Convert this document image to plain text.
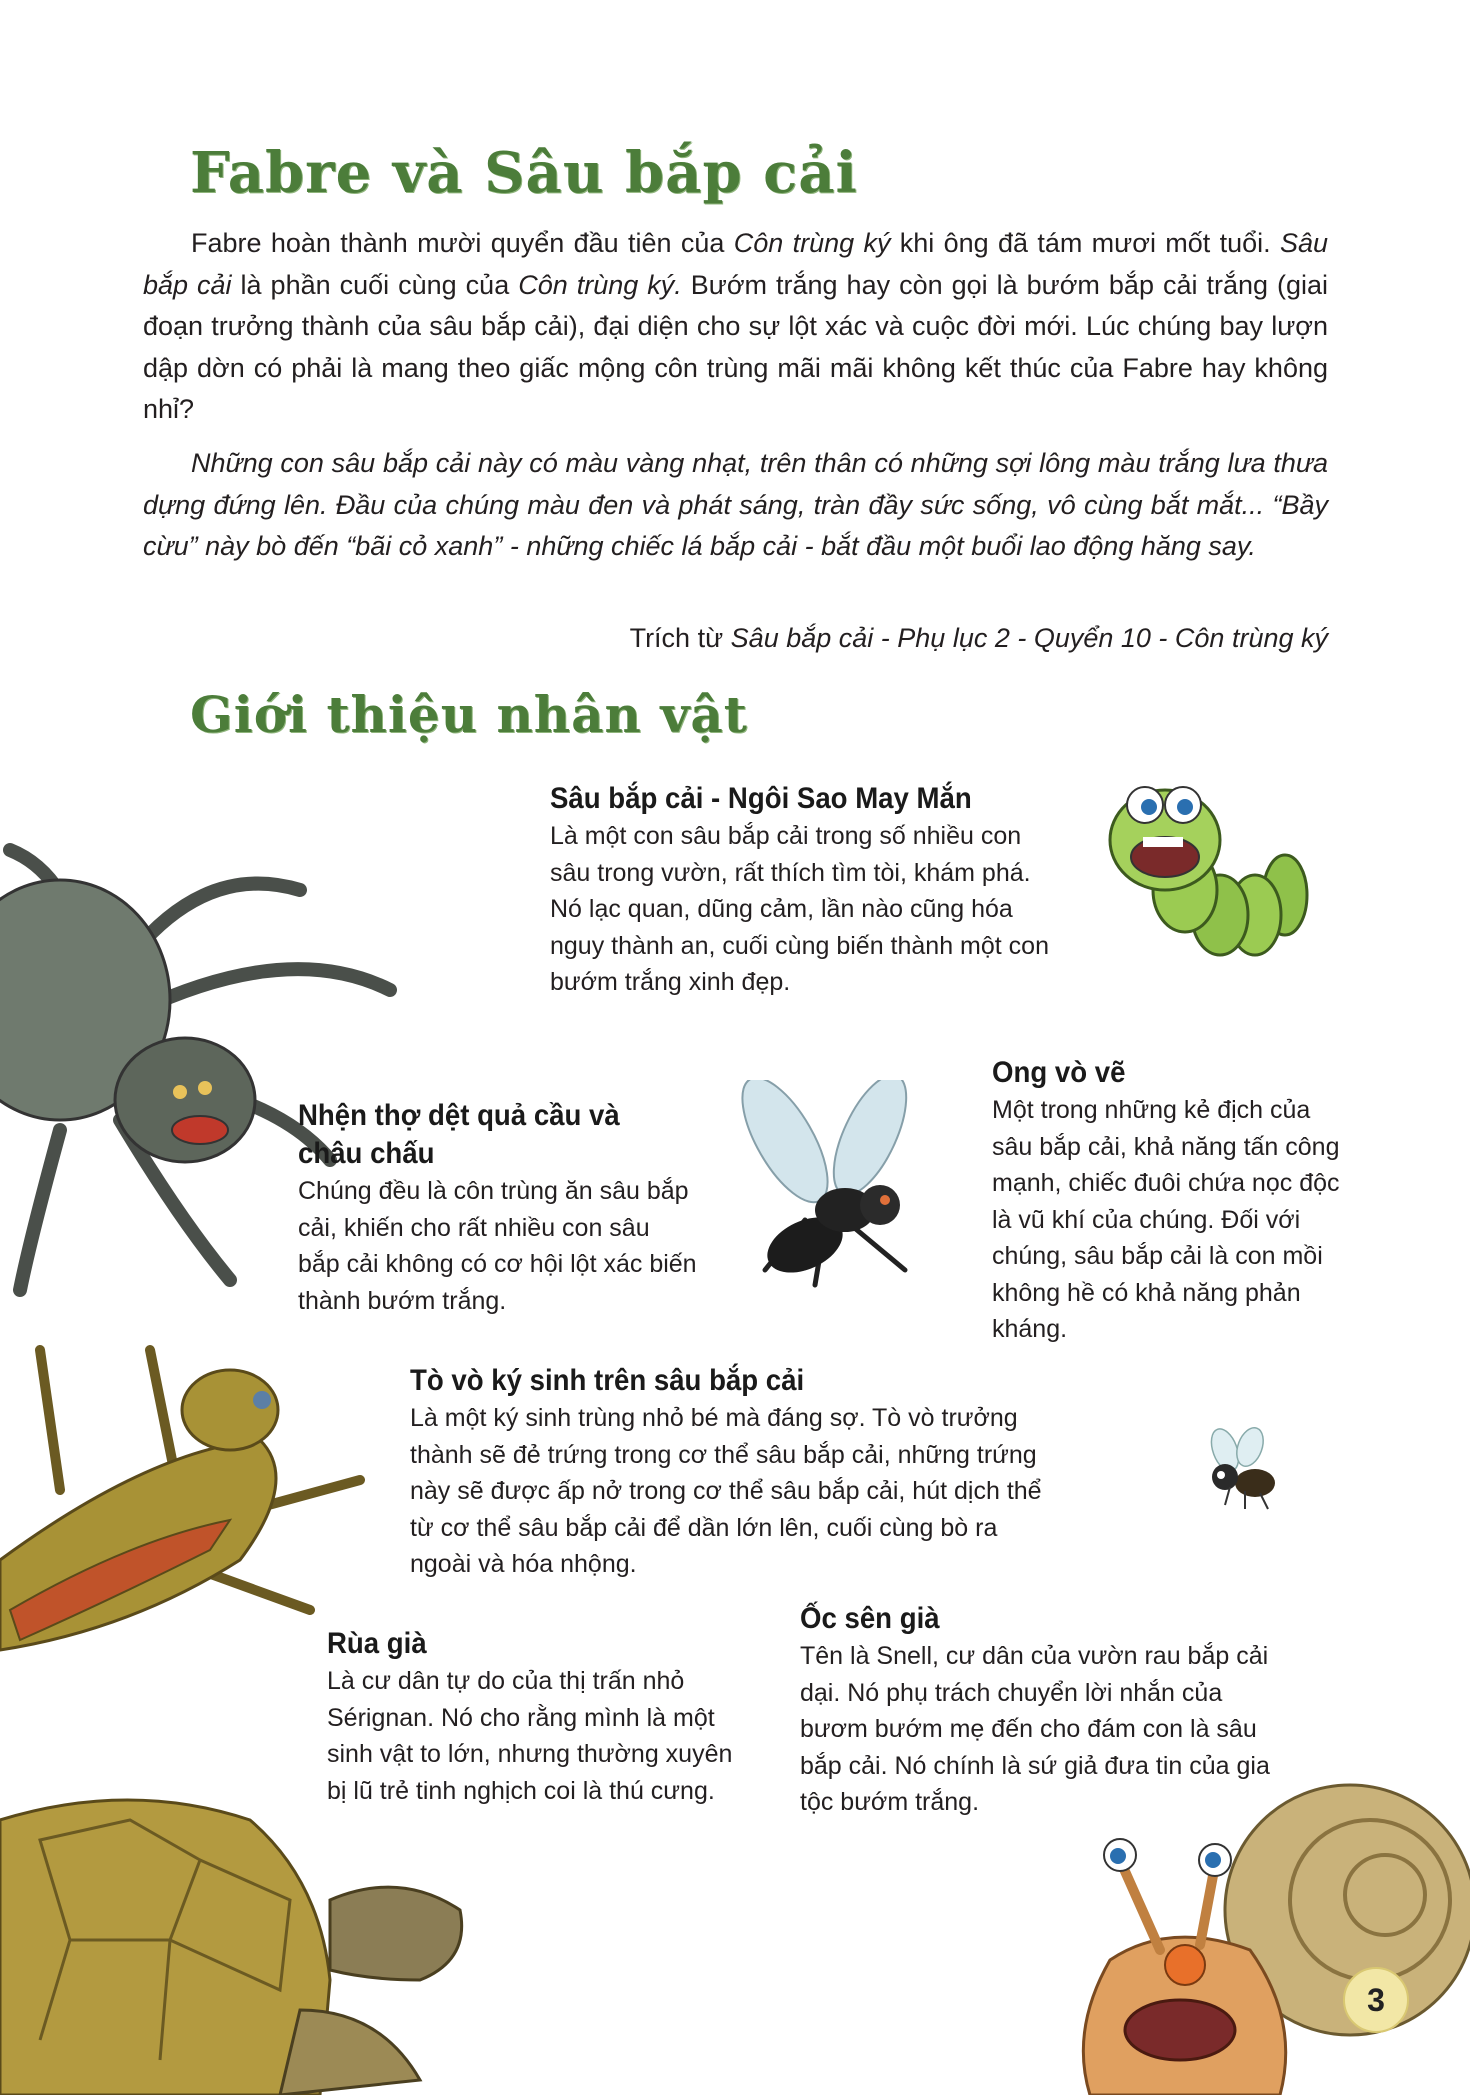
Fabre và Sâu bắp cải

Fabre hoàn thành mười quyển đầu tiên của Côn trùng ký khi ông đã tám mươi mốt tuổi. Sâu bắp cải là phần cuối cùng của Côn trùng ký. Bướm trắng hay còn gọi là bướm bắp cải trắng (giai đoạn trưởng thành của sâu bắp cải), đại diện cho sự lột xác và cuộc đời mới. Lúc chúng bay lượn dập dờn có phải là mang theo giấc mộng côn trùng mãi mãi không kết thúc của Fabre hay không nhỉ?

Những con sâu bắp cải này có màu vàng nhạt, trên thân có những sợi lông màu trắng lưa thưa dựng đứng lên. Đầu của chúng màu đen và phát sáng, tràn đầy sức sống, vô cùng bắt mắt... “Bầy cừu” này bò đến “bãi cỏ xanh” - những chiếc lá bắp cải - bắt đầu một buổi lao động hăng say.

Trích từ Sâu bắp cải - Phụ lục 2 - Quyển 10 - Côn trùng ký

Giới thiệu nhân vật
Sâu bắp cải - Ngôi Sao May Mắn

Là một con sâu bắp cải trong số nhiều con sâu trong vườn, rất thích tìm tòi, khám phá. Nó lạc quan, dũng cảm, lần nào cũng hóa nguy thành an, cuối cùng biến thành một con bướm trắng xinh đẹp.

Nhện thợ dệt quả cầu và châu chấu

Chúng đều là côn trùng ăn sâu bắp cải, khiến cho rất nhiều con sâu bắp cải không có cơ hội lột xác biến thành bướm trắng.

Ong vò vẽ

Một trong những kẻ địch của sâu bắp cải, khả năng tấn công mạnh, chiếc đuôi chứa nọc độc là vũ khí của chúng. Đối với chúng, sâu bắp cải là con mồi không hề có khả năng phản kháng.

Tò vò ký sinh trên sâu bắp cải

Là một ký sinh trùng nhỏ bé mà đáng sợ. Tò vò trưởng thành sẽ đẻ trứng trong cơ thể sâu bắp cải, những trứng này sẽ được ấp nở trong cơ thể sâu bắp cải, hút dịch thể từ cơ thể sâu bắp cải để dần lớn lên, cuối cùng bò ra ngoài và hóa nhộng.

Rùa già

Là cư dân tự do của thị trấn nhỏ Sérignan. Nó cho rằng mình là một sinh vật to lớn, nhưng thường xuyên bị lũ trẻ tinh nghịch coi là thú cưng.

Ốc sên già

Tên là Snell, cư dân của vườn rau bắp cải dại. Nó phụ trách chuyển lời nhắn của bươm bướm mẹ đến cho đám con là sâu bắp cải. Nó chính là sứ giả đưa tin của gia tộc bướm trắng.

3
